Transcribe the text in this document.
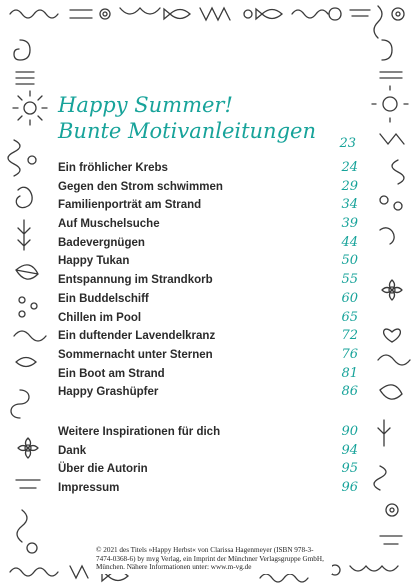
Happy Summer!

Bunte Motivanleitungen

23
Ein fröhlicher Krebs	24
Gegen den Strom schwimmen	29
Familienporträt am Strand	34
Auf Muschelsuche	39
Badevergnügen	44
Happy Tukan	50
Entspannung im Strandkorb	55
Ein Buddelschiff	60
Chillen im Pool	65
Ein duftender Lavendelkranz	72
Sommernacht unter Sternen	76
Ein Boot am Strand	81
Happy Grashüpfer	86
Weitere Inspirationen für dich	90
Dank	94
Über die Autorin	95
Impressum	96
© 2021 des Titels »Happy Herbst« von Clarissa Hagenmeyer (ISBN 978-3-7474-0368-6) by mvg Verlag, ein Imprint der Münchner Verlagsgruppe GmbH, München. Nähere Informationen unter: www.m-vg.de
